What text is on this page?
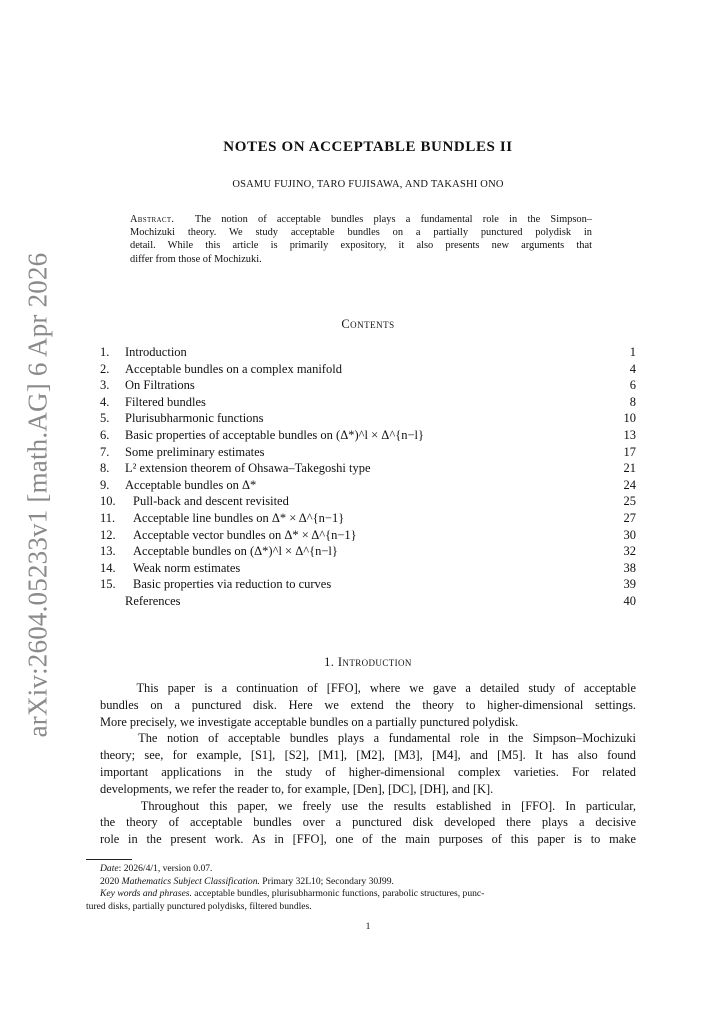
arXiv:2604.05233v1 [math.AG] 6 Apr 2026
NOTES ON ACCEPTABLE BUNDLES II
OSAMU FUJINO, TARO FUJISAWA, AND TAKASHI ONO
Abstract. The notion of acceptable bundles plays a fundamental role in the Simpson–
Mochizuki theory. We study acceptable bundles on a partially punctured polydisk in
detail. While this article is primarily expository, it also presents new arguments that
differ from those of Mochizuki.
Contents
1.	Introduction	1
2.	Acceptable bundles on a complex manifold	4
3.	On Filtrations	6
4.	Filtered bundles	8
5.	Plurisubharmonic functions	10
6.	Basic properties of acceptable bundles on (Δ*)^l × Δ^{n−l}	13
7.	Some preliminary estimates	17
8.	L² extension theorem of Ohsawa–Takegoshi type	21
9.	Acceptable bundles on Δ*	24
10.	Pull-back and descent revisited	25
11.	Acceptable line bundles on Δ* × Δ^{n−1}	27
12.	Acceptable vector bundles on Δ* × Δ^{n−1}	30
13.	Acceptable bundles on (Δ*)^l × Δ^{n−l}	32
14.	Weak norm estimates	38
15.	Basic properties via reduction to curves	39
References	40
1. Introduction
This paper is a continuation of [FFO], where we gave a detailed study of acceptable
bundles on a punctured disk. Here we extend the theory to higher-dimensional settings.
More precisely, we investigate acceptable bundles on a partially punctured polydisk.
The notion of acceptable bundles plays a fundamental role in the Simpson–Mochizuki
theory; see, for example, [S1], [S2], [M1], [M2], [M3], [M4], and [M5]. It has also found
important applications in the study of higher-dimensional complex varieties. For related
developments, we refer the reader to, for example, [Den], [DC], [DH], and [K].
Throughout this paper, we freely use the results established in [FFO]. In particular,
the theory of acceptable bundles over a punctured disk developed there plays a decisive
role in the present work. As in [FFO], one of the main purposes of this paper is to make
Date: 2026/4/1, version 0.07.
2020 Mathematics Subject Classification. Primary 32L10; Secondary 30J99.
Key words and phrases. acceptable bundles, plurisubharmonic functions, parabolic structures, punc-
tured disks, partially punctured polydisks, filtered bundles.
1
